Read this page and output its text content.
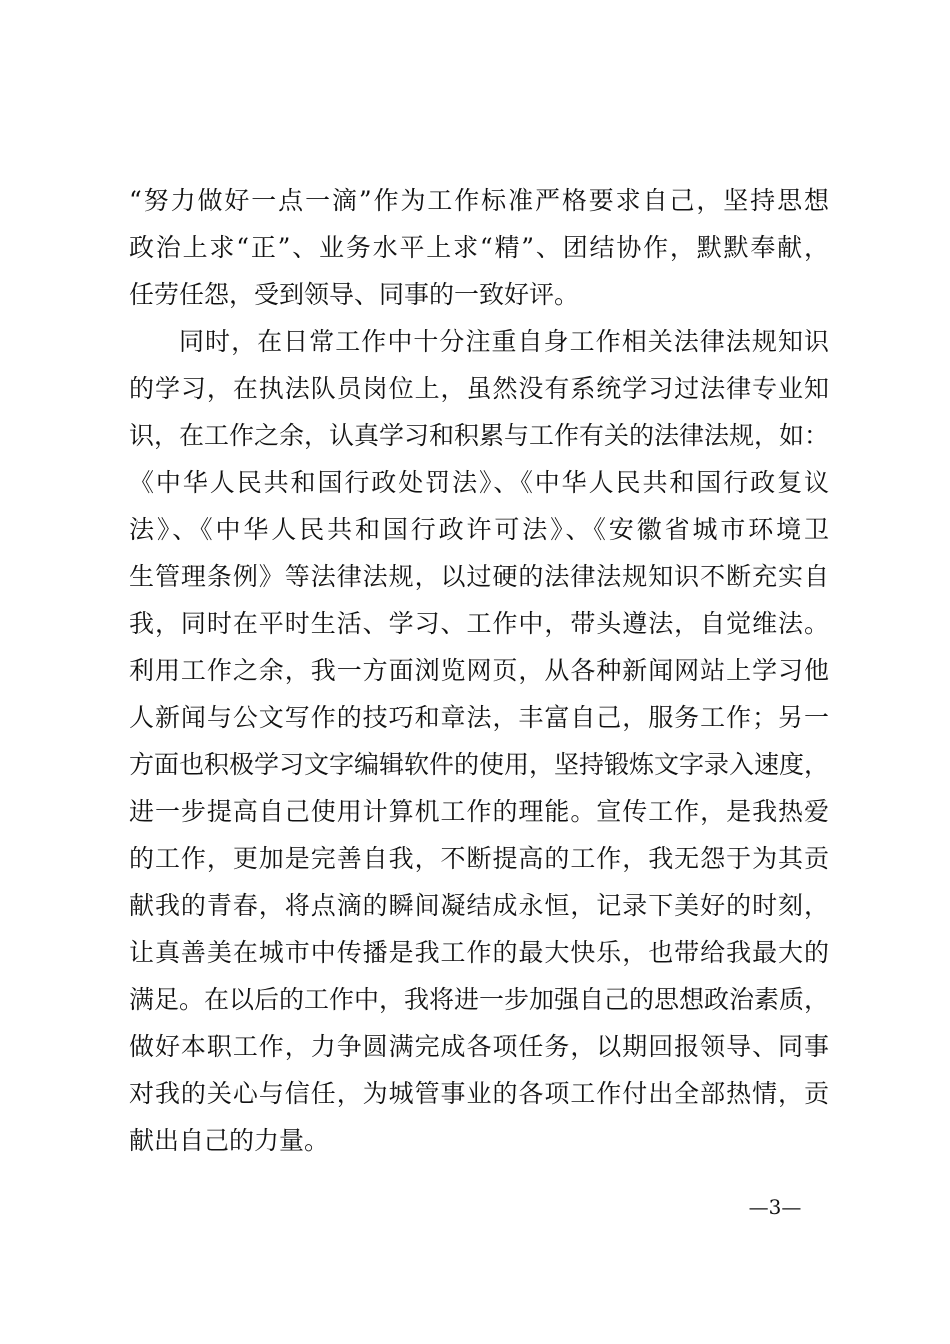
“努力做好一点一滴”作为工作标准严格要求自己，坚持思想
政治上求“正”、业务水平上求“精”、团结协作，默默奉献，
任劳任怨，受到领导、同事的一致好评。
同时，在日常工作中十分注重自身工作相关法律法规知识
的学习，在执法队员岗位上，虽然没有系统学习过法律专业知
识，在工作之余，认真学习和积累与工作有关的法律法规，如：
《中华人民共和国行政处罚法》、《中华人民共和国行政复议
法》、《中华人民共和国行政许可法》、《安徽省城市环境卫
生管理条例》等法律法规，以过硬的法律法规知识不断充实自
我，同时在平时生活、学习、工作中，带头遵法，自觉维法。
利用工作之余，我一方面浏览网页，从各种新闻网站上学习他
人新闻与公文写作的技巧和章法，丰富自己，服务工作；另一
方面也积极学习文字编辑软件的使用，坚持锻炼文字录入速度，
进一步提高自己使用计算机工作的理能。宣传工作，是我热爱
的工作，更加是完善自我，不断提高的工作，我无怨于为其贡
献我的青春，将点滴的瞬间凝结成永恒，记录下美好的时刻，
让真善美在城市中传播是我工作的最大快乐，也带给我最大的
满足。在以后的工作中，我将进一步加强自己的思想政治素质，
做好本职工作，力争圆满完成各项任务，以期回报领导、同事
对我的关心与信任，为城管事业的各项工作付出全部热情，贡
献出自己的力量。
—3—
